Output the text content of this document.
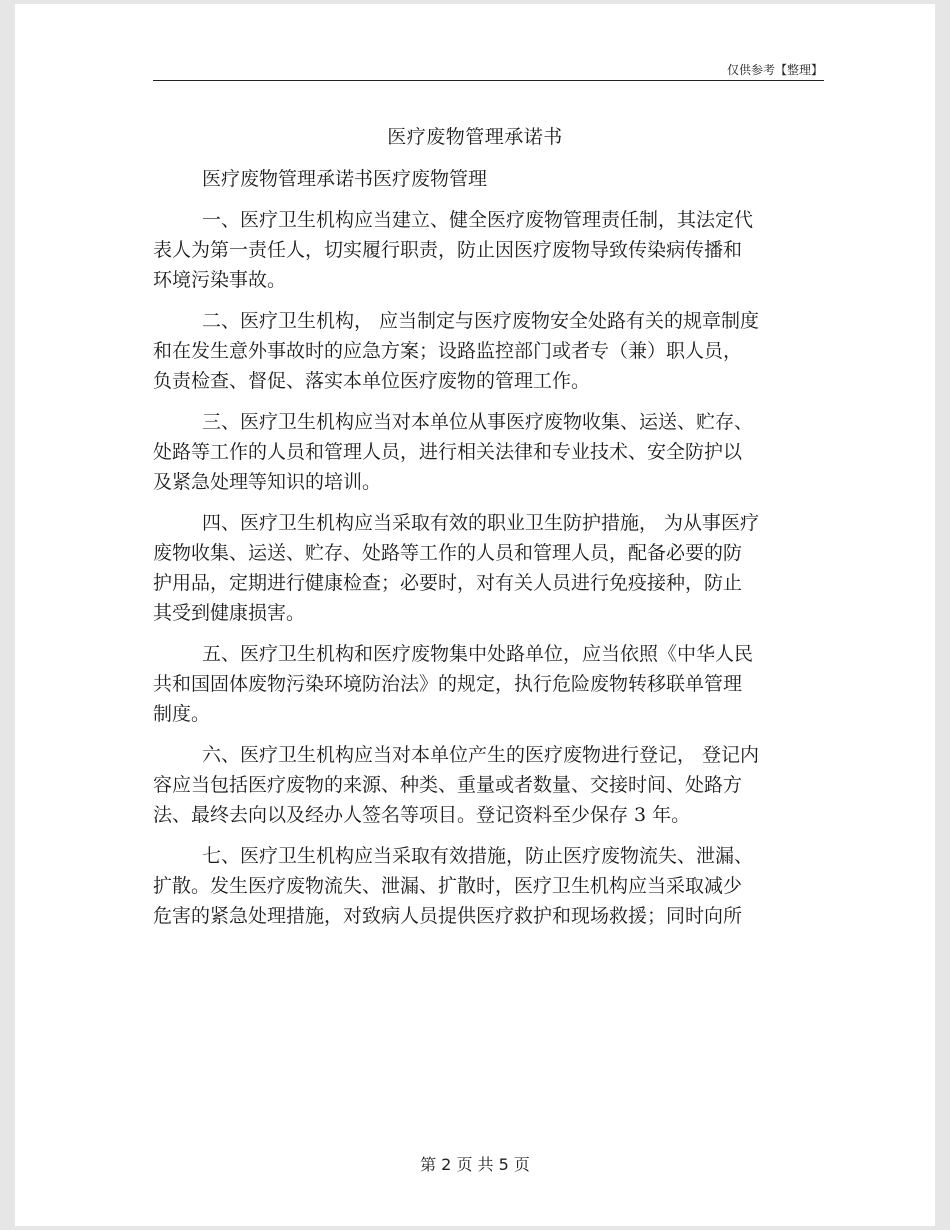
仅供参考【整理】
医疗废物管理承诺书
医疗废物管理承诺书医疗废物管理
一、医疗卫生机构应当建立、健全医疗废物管理责任制，其法定代
表人为第一责任人，切实履行职责，防止因医疗废物导致传染病传播和
环境污染事故。
二、医疗卫生机构， 应当制定与医疗废物安全处路有关的规章制度
和在发生意外事故时的应急方案；设路监控部门或者专（兼）职人员，
负责检查、督促、落实本单位医疗废物的管理工作。
三、医疗卫生机构应当对本单位从事医疗废物收集、运送、贮存、
处路等工作的人员和管理人员，进行相关法律和专业技术、安全防护以
及紧急处理等知识的培训。
四、医疗卫生机构应当采取有效的职业卫生防护措施， 为从事医疗
废物收集、运送、贮存、处路等工作的人员和管理人员，配备必要的防
护用品，定期进行健康检查；必要时，对有关人员进行免疫接种，防止
其受到健康损害。
五、医疗卫生机构和医疗废物集中处路单位，应当依照《中华人民
共和国固体废物污染环境防治法》的规定，执行危险废物转移联单管理
制度。
六、医疗卫生机构应当对本单位产生的医疗废物进行登记， 登记内
容应当包括医疗废物的来源、种类、重量或者数量、交接时间、处路方
法、最终去向以及经办人签名等项目。登记资料至少保存 3 年。
七、医疗卫生机构应当采取有效措施，防止医疗废物流失、泄漏、
扩散。发生医疗废物流失、泄漏、扩散时，医疗卫生机构应当采取减少
危害的紧急处理措施，对致病人员提供医疗救护和现场救援；同时向所
第 2 页 共 5 页
